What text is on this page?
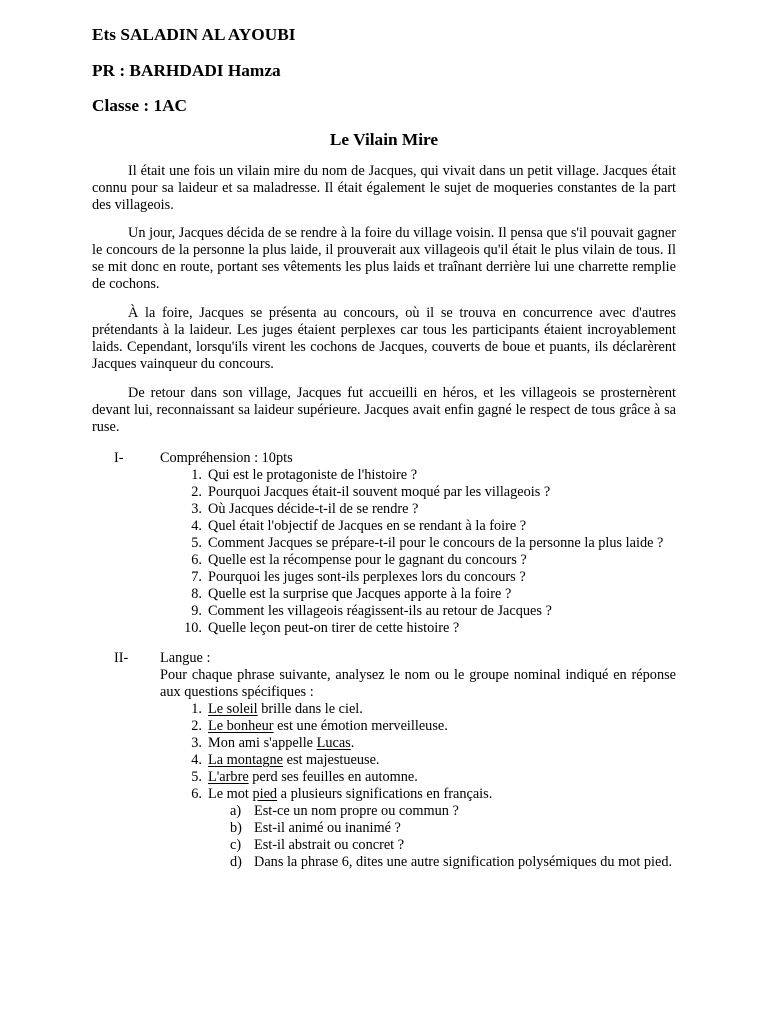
Ets SALADIN AL AYOUBI
PR : BARHDADI Hamza
Classe : 1AC
Le Vilain Mire

Il était une fois un vilain mire du nom de Jacques, qui vivait dans un petit village. Jacques était connu pour sa laideur et sa maladresse. Il était également le sujet de moqueries constantes de la part des villageois.

Un jour, Jacques décida de se rendre à la foire du village voisin. Il pensa que s'il pouvait gagner le concours de la personne la plus laide, il prouverait aux villageois qu'il était le plus vilain de tous. Il se mit donc en route, portant ses vêtements les plus laids et traînant derrière lui une charrette remplie de cochons.

À la foire, Jacques se présenta au concours, où il se trouva en concurrence avec d'autres prétendants à la laideur. Les juges étaient perplexes car tous les participants étaient incroyablement laids. Cependant, lorsqu'ils virent les cochons de Jacques, couverts de boue et puants, ils déclarèrent Jacques vainqueur du concours.

De retour dans son village, Jacques fut accueilli en héros, et les villageois se prosternèrent devant lui, reconnaissant sa laideur supérieure. Jacques avait enfin gagné le respect de tous grâce à sa ruse.

I-	Compréhension : 10pts
1. Qui est le protagoniste de l'histoire ?
2. Pourquoi Jacques était-il souvent moqué par les villageois ?
3. Où Jacques décide-t-il de se rendre ?
4. Quel était l'objectif de Jacques en se rendant à la foire ?
5. Comment Jacques se prépare-t-il pour le concours de la personne la plus laide ?
6. Quelle est la récompense pour le gagnant du concours ?
7. Pourquoi les juges sont-ils perplexes lors du concours ?
8. Quelle est la surprise que Jacques apporte à la foire ?
9. Comment les villageois réagissent-ils au retour de Jacques ?
10. Quelle leçon peut-on tirer de cette histoire ?
II- Langue :
Pour chaque phrase suivante, analysez le nom ou le groupe nominal indiqué en réponse aux questions spécifiques :
1. Le soleil brille dans le ciel.
2. Le bonheur est une émotion merveilleuse.
3. Mon ami s'appelle Lucas.
4. La montagne est majestueuse.
5. L'arbre perd ses feuilles en automne.
6. Le mot pied a plusieurs significations en français.
a) Est-ce un nom propre ou commun ?
b) Est-il animé ou inanimé ?
c) Est-il abstrait ou concret ?
d) Dans la phrase 6, dites une autre signification polysémiques du mot pied.
